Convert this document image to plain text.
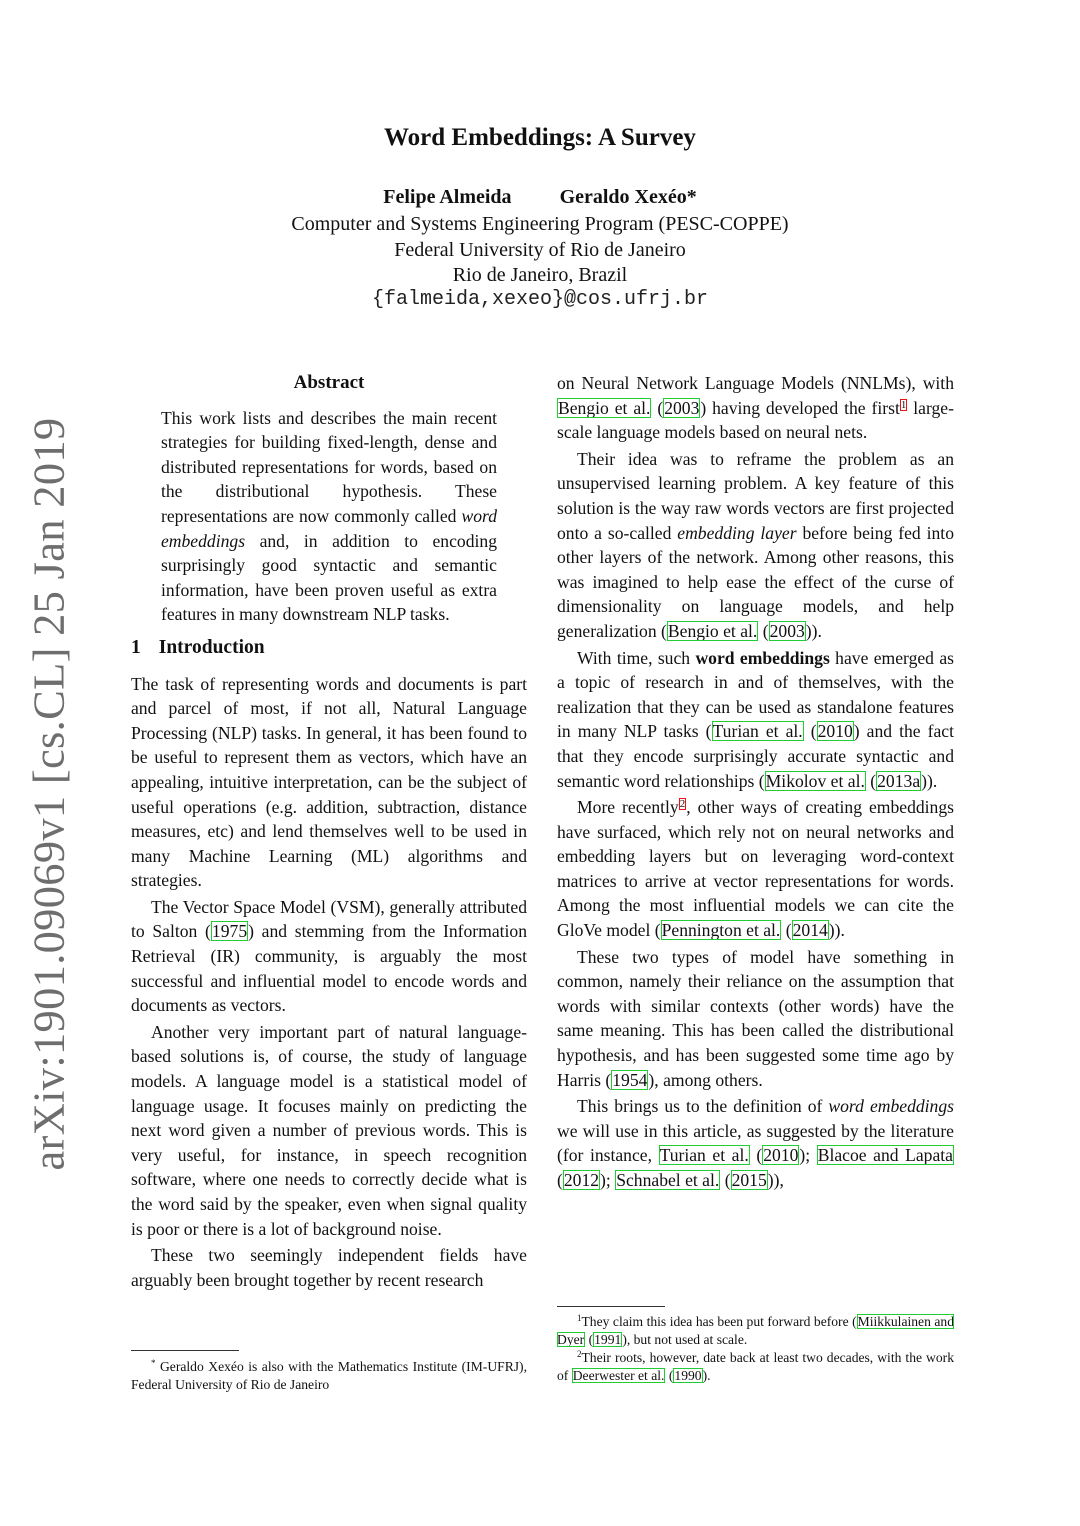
arXiv:1901.09069v1 [cs.CL] 25 Jan 2019
Word Embeddings: A Survey
Felipe Almeida Geraldo Xexéo*
Computer and Systems Engineering Program (PESC-COPPE)
Federal University of Rio de Janeiro
Rio de Janeiro, Brazil
{falmeida,xexeo}@cos.ufrj.br
Abstract

This work lists and describes the main recent strategies for building fixed-length, dense and distributed representations for words, based on the distributional hypothesis. These representations are now commonly called word embeddings and, in addition to encoding surprisingly good syntactic and semantic information, have been proven useful as extra features in many downstream NLP tasks.

1 Introduction

The task of representing words and documents is part and parcel of most, if not all, Natural Language Processing (NLP) tasks. In general, it has been found to be useful to represent them as vectors, which have an appealing, intuitive interpretation, can be the subject of useful operations (e.g. addition, subtraction, distance measures, etc) and lend themselves well to be used in many Machine Learning (ML) algorithms and strategies.

The Vector Space Model (VSM), generally attributed to Salton (1975) and stemming from the Information Retrieval (IR) community, is arguably the most successful and influential model to encode words and documents as vectors.

Another very important part of natural language-based solutions is, of course, the study of language models. A language model is a statistical model of language usage. It focuses mainly on predicting the next word given a number of previous words. This is very useful, for instance, in speech recognition software, where one needs to correctly decide what is the word said by the speaker, even when signal quality is poor or there is a lot of background noise.

These two seemingly independent fields have arguably been brought together by recent research

* Geraldo Xexéo is also with the Mathematics Institute (IM-UFRJ), Federal University of Rio de Janeiro

on Neural Network Language Models (NNLMs), with Bengio et al. (2003) having developed the first$^1$ large-scale language models based on neural nets.

Their idea was to reframe the problem as an unsupervised learning problem. A key feature of this solution is the way raw words vectors are first projected onto a so-called embedding layer before being fed into other layers of the network. Among other reasons, this was imagined to help ease the effect of the curse of dimensionality on language models, and help generalization (Bengio et al. (2003)).

With time, such word embeddings have emerged as a topic of research in and of themselves, with the realization that they can be used as standalone features in many NLP tasks (Turian et al. (2010) and the fact that they encode surprisingly accurate syntactic and semantic word relationships (Mikolov et al. (2013a)).

More recently$^2$, other ways of creating embeddings have surfaced, which rely not on neural networks and embedding layers but on leveraging word-context matrices to arrive at vector representations for words. Among the most influential models we can cite the GloVe model (Pennington et al. (2014)).

These two types of model have something in common, namely their reliance on the assumption that words with similar contexts (other words) have the same meaning. This has been called the distributional hypothesis, and has been suggested some time ago by Harris (1954), among others.

This brings us to the definition of word embeddings we will use in this article, as suggested by the literature (for instance, Turian et al. (2010); Blacoe and Lapata (2012); Schnabel et al. (2015)),

$^1$They claim this idea has been put forward before (Miikkulainen and Dyer (1991), but not used at scale.

$^2$Their roots, however, date back at least two decades, with the work of Deerwester et al. (1990).
